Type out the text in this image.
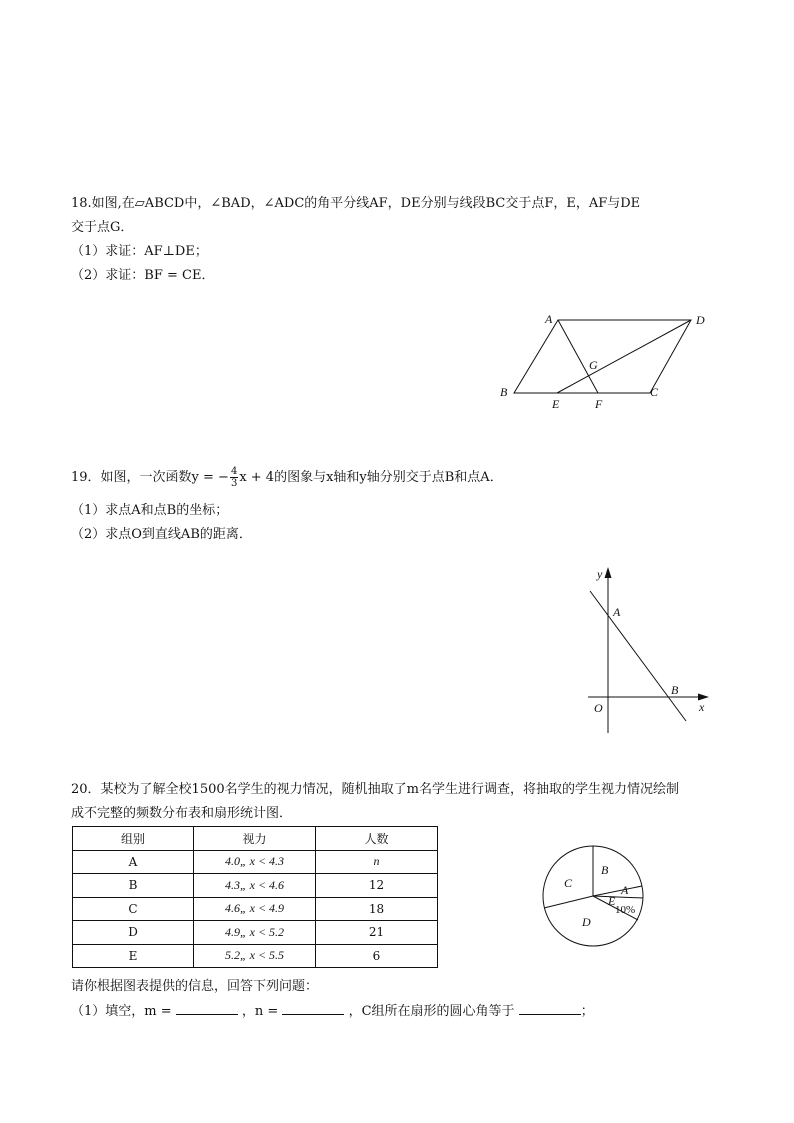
18.如图,在▱ABCD中，∠BAD，∠ADC的角平分线AF，DE分别与线段BC交于点F，E，AF与DE
交于点G．
（1）求证：AF⊥DE；
（2）求证：BF = CE．
A	D
B	C
E	F
G
19．如图，一次函数y = − $\frac{4}{3}$ x + 4的图象与x轴和y轴分别交于点B和点A．
（1）求点A和点B的坐标；
（2）求点O到直线AB的距离．
y
x
A
B
O
20．某校为了解全校1500名学生的视力情况，随机抽取了m名学生进行调查，将抽取的学生视力情况绘制
成不完整的频数分布表和扇形统计图．
组别	视力	人数
A	4.0„ x < 4.3	n
B	4.3„ x < 4.6	12
C	4.6„ x < 4.9	18
D	4.9„ x < 5.2	21
E	5.2„ x < 5.5	6
B
C
D
A
E
10%
请你根据图表提供的信息，回答下列问题：
（1）填空，m =	，n =	，C组所在扇形的圆心角等于	；
